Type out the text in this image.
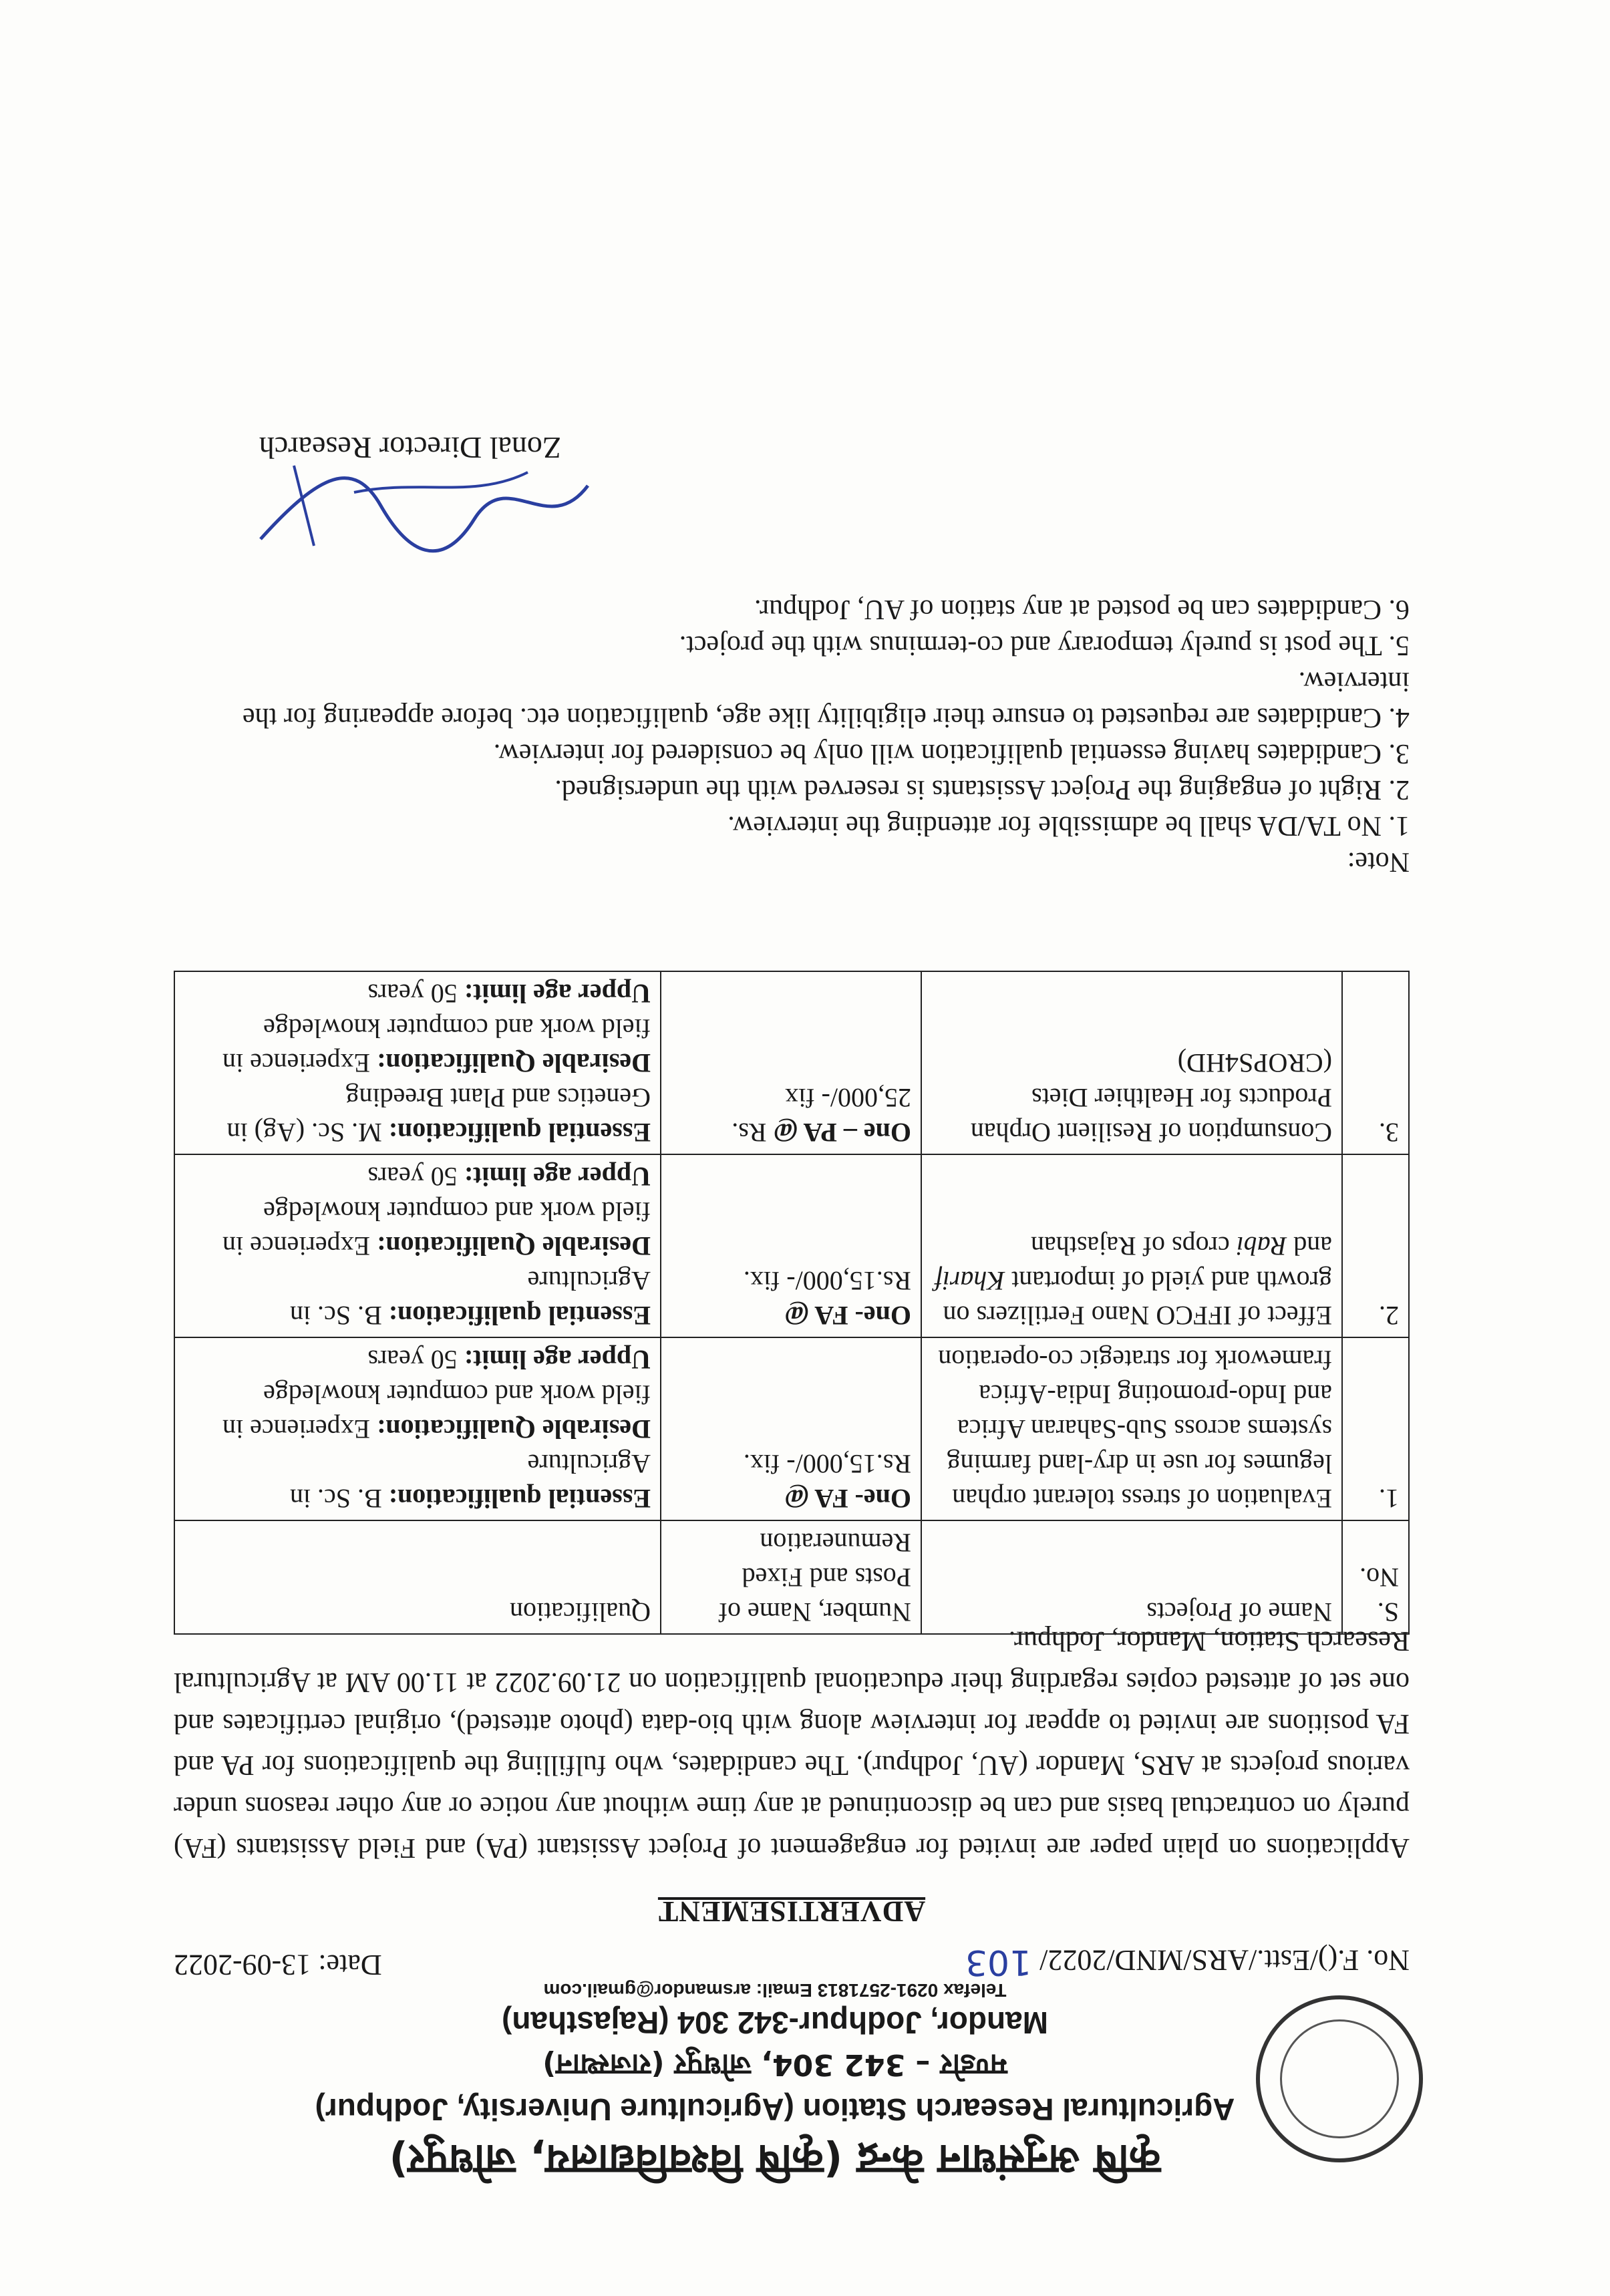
कृषि अनुसंधान केन्द्र (कृषि विश्वविद्यालय, जोधपुर)
Agricultural Research Station (Agriculture University, Jodhpur)
मण्डोर – 342 304, जोधपुर (राजस्थान)
Mandor, Jodhpur-342 304 (Rajasthan)
Telefax 0291-2571813 Email: arsmandor@gmail.com
No. F.()/Estt./ARS/MND/2022/103
Date: 13-09-2022
ADVERTISEMENT
Applications on plain paper are invited for engagement of Project Assistant (PA) and Field Assistants (FA) purely on contractual basis and can be discontinued at any time without any notice or any other reasons under various projects at ARS, Mandor (AU, Jodhpur). The candidates, who fulfilling the qualifications for PA and FA positions are invited to appear for interview along with bio-data (photo attested), original certificates and one set of attested copies regarding their educational qualification on 21.09.2022 at 11.00 AM at Agricultural Research Station, Mandor, Jodhpur.
S. No.	Name of Projects	Number, Name of Posts and Fixed Remuneration	Qualification
1.	Evaluation of stress tolerant orphan legumes for use in dry-land farming systems across Sub-Saharan Africa and Indo-promoting India-Africa framework for strategic co-operation	One- FA @ Rs.15,000/- fix.	Essential qualification: B. Sc. in Agriculture
Desirable Qualification: Experience in field work and computer knowledge
Upper age limit: 50 years
2.	Effect of IFFCO Nano Fertilizers on growth and yield of important Kharif and Rabi crops of Rajasthan	One- FA @ Rs.15,000/- fix.	Essential qualification: B. Sc. in Agriculture
Desirable Qualification: Experience in field work and computer knowledge
Upper age limit: 50 years
3.	Consumption of Resilient Orphan Products for Healthier Diets (CROPS4HD)	One – PA @ Rs. 25,000/- fix	Essential qualification: M. Sc. (Ag) in Genetics and Plant Breeding
Desirable Qualification: Experience in field work and computer knowledge
Upper age limit: 50 years
Note:
1. No TA/DA shall be admissible for attending the interview.
2. Right of engaging the Project Assistants is reserved with the undersigned.
3. Candidates having essential qualification will only be considered for interview.
4. Candidates are requested to ensure their eligibility like age, qualification etc. before appearing for the interview.
5. The post is purely temporary and co-terminus with the project.
6. Candidates can be posted at any station of AU, Jodhpur.
Zonal Director Research
